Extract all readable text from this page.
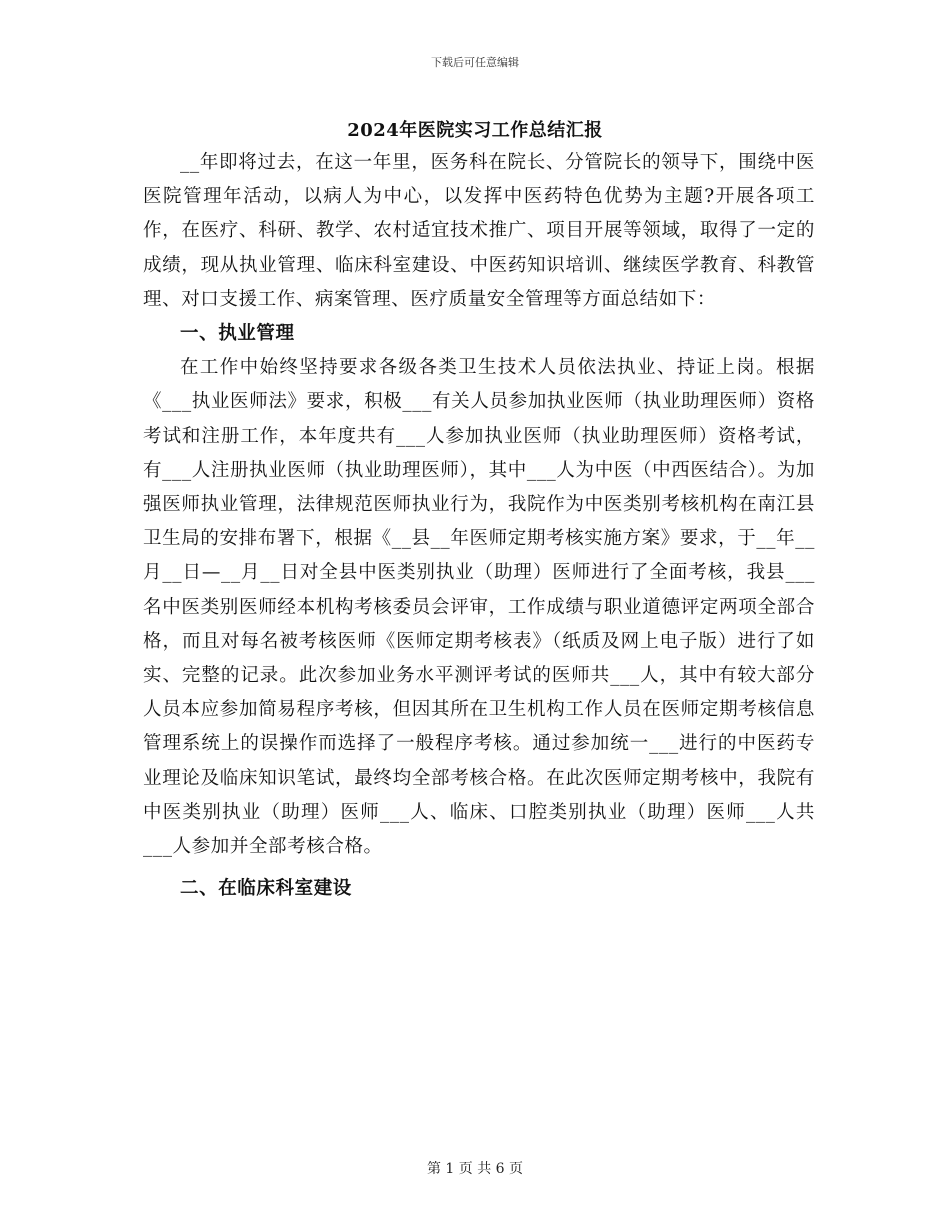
下载后可任意编辑
2024年医院实习工作总结汇报

__年即将过去，在这一年里，医务科在院长、分管院长的领导下，围绕中医医院管理年活动，以病人为中心，以发挥中医药特色优势为主题?开展各项工作，在医疗、科研、教学、农村适宜技术推广、项目开展等领域，取得了一定的成绩，现从执业管理、临床科室建设、中医药知识培训、继续医学教育、科教管理、对口支援工作、病案管理、医疗质量安全管理等方面总结如下：

一、执业管理

在工作中始终坚持要求各级各类卫生技术人员依法执业、持证上岗。根据《___执业医师法》要求，积极___有关人员参加执业医师（执业助理医师）资格考试和注册工作，本年度共有___人参加执业医师（执业助理医师）资格考试，有___人注册执业医师（执业助理医师），其中___人为中医（中西医结合）。为加强医师执业管理，法律规范医师执业行为，我院作为中医类别考核机构在南江县卫生局的安排布署下，根据《__县__年医师定期考核实施方案》要求，于__年__月__日—__月__日对全县中医类别执业（助理）医师进行了全面考核，我县___名中医类别医师经本机构考核委员会评审，工作成绩与职业道德评定两项全部合格，而且对每名被考核医师《医师定期考核表》（纸质及网上电子版）进行了如实、完整的记录。此次参加业务水平测评考试的医师共___人，其中有较大部分人员本应参加简易程序考核，但因其所在卫生机构工作人员在医师定期考核信息管理系统上的误操作而选择了一般程序考核。通过参加统一___进行的中医药专业理论及临床知识笔试，最终均全部考核合格。在此次医师定期考核中，我院有中医类别执业（助理）医师___人、临床、口腔类别执业（助理）医师___人共___人参加并全部考核合格。

二、在临床科室建设
第 1 页 共 6 页
